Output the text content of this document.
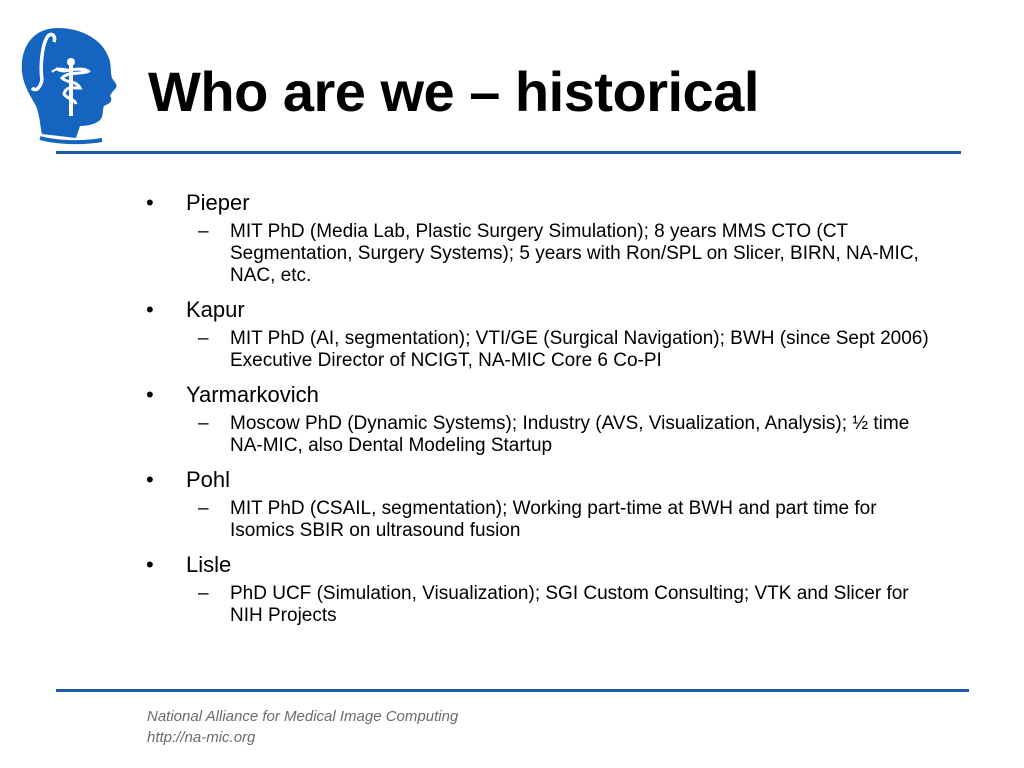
Who are we – historical
•	Pieper
– MIT PhD (Media Lab, Plastic Surgery Simulation); 8 years MMS CTO (CT Segmentation, Surgery Systems); 5 years with Ron/SPL on Slicer, BIRN, NA-MIC, NAC, etc.
•	Kapur
– MIT PhD (AI, segmentation); VTI/GE (Surgical Navigation); BWH (since Sept 2006) Executive Director of NCIGT, NA-MIC Core 6 Co-PI
•	Yarmarkovich
– Moscow PhD (Dynamic Systems); Industry (AVS, Visualization, Analysis); ½ time NA-MIC, also Dental Modeling Startup
•	Pohl
– MIT PhD (CSAIL, segmentation); Working part-time at BWH and part time for Isomics SBIR on ultrasound fusion
•	Lisle
– PhD UCF (Simulation, Visualization); SGI Custom Consulting; VTK and Slicer for NIH Projects
National Alliance for Medical Image Computing
http://na-mic.org
